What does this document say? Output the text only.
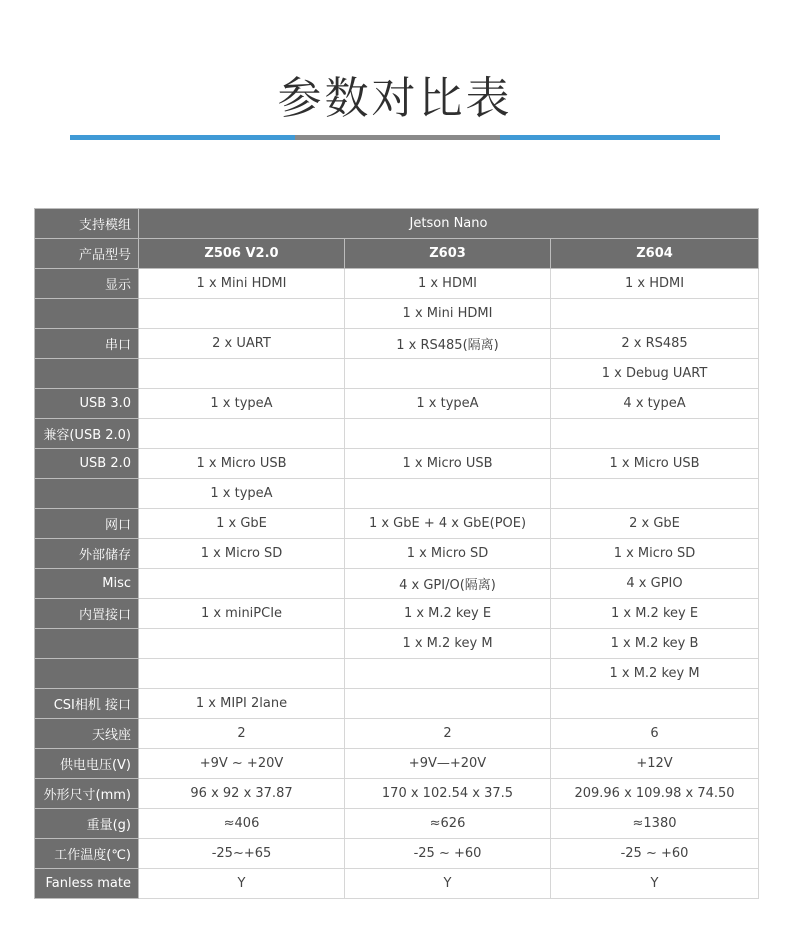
参数对比表
支持模组	Jetson Nano		
产品型号	Z506 V2.0	Z603	Z604
显示	1 x Mini HDMI	1 x HDMI	1 x HDMI
		1 x Mini HDMI	
串口	2 x UART	1 x RS485(隔离)	2 x RS485
			1 x Debug UART
USB 3.0	1 x typeA	1 x typeA	4 x typeA
兼容(USB 2.0)			
USB 2.0	1 x Micro USB	1 x Micro USB	1 x Micro USB
	1 x typeA		
网口	1 x GbE	1 x GbE + 4 x GbE(POE)	2 x GbE
外部储存	1 x Micro SD	1 x Micro SD	1 x Micro SD
Misc		4 x GPI/O(隔离)	4 x GPIO
内置接口	1 x miniPCIe	1 x M.2 key E	1 x M.2 key E
		1 x M.2 key M	1 x M.2 key B
			1 x M.2 key M
CSI相机 接口	1 x MIPI 2lane		
天线座	2	2	6
供电电压(V)	+9V ~ +20V	+9V—+20V	+12V
外形尺寸(mm)	96 x 92 x 37.87	170 x 102.54 x 37.5	209.96 x 109.98 x 74.50
重量(g)	≈406	≈626	≈1380
工作温度(℃)	-25~+65	-25 ~ +60	-25 ~ +60
Fanless mate	Y	Y	Y
